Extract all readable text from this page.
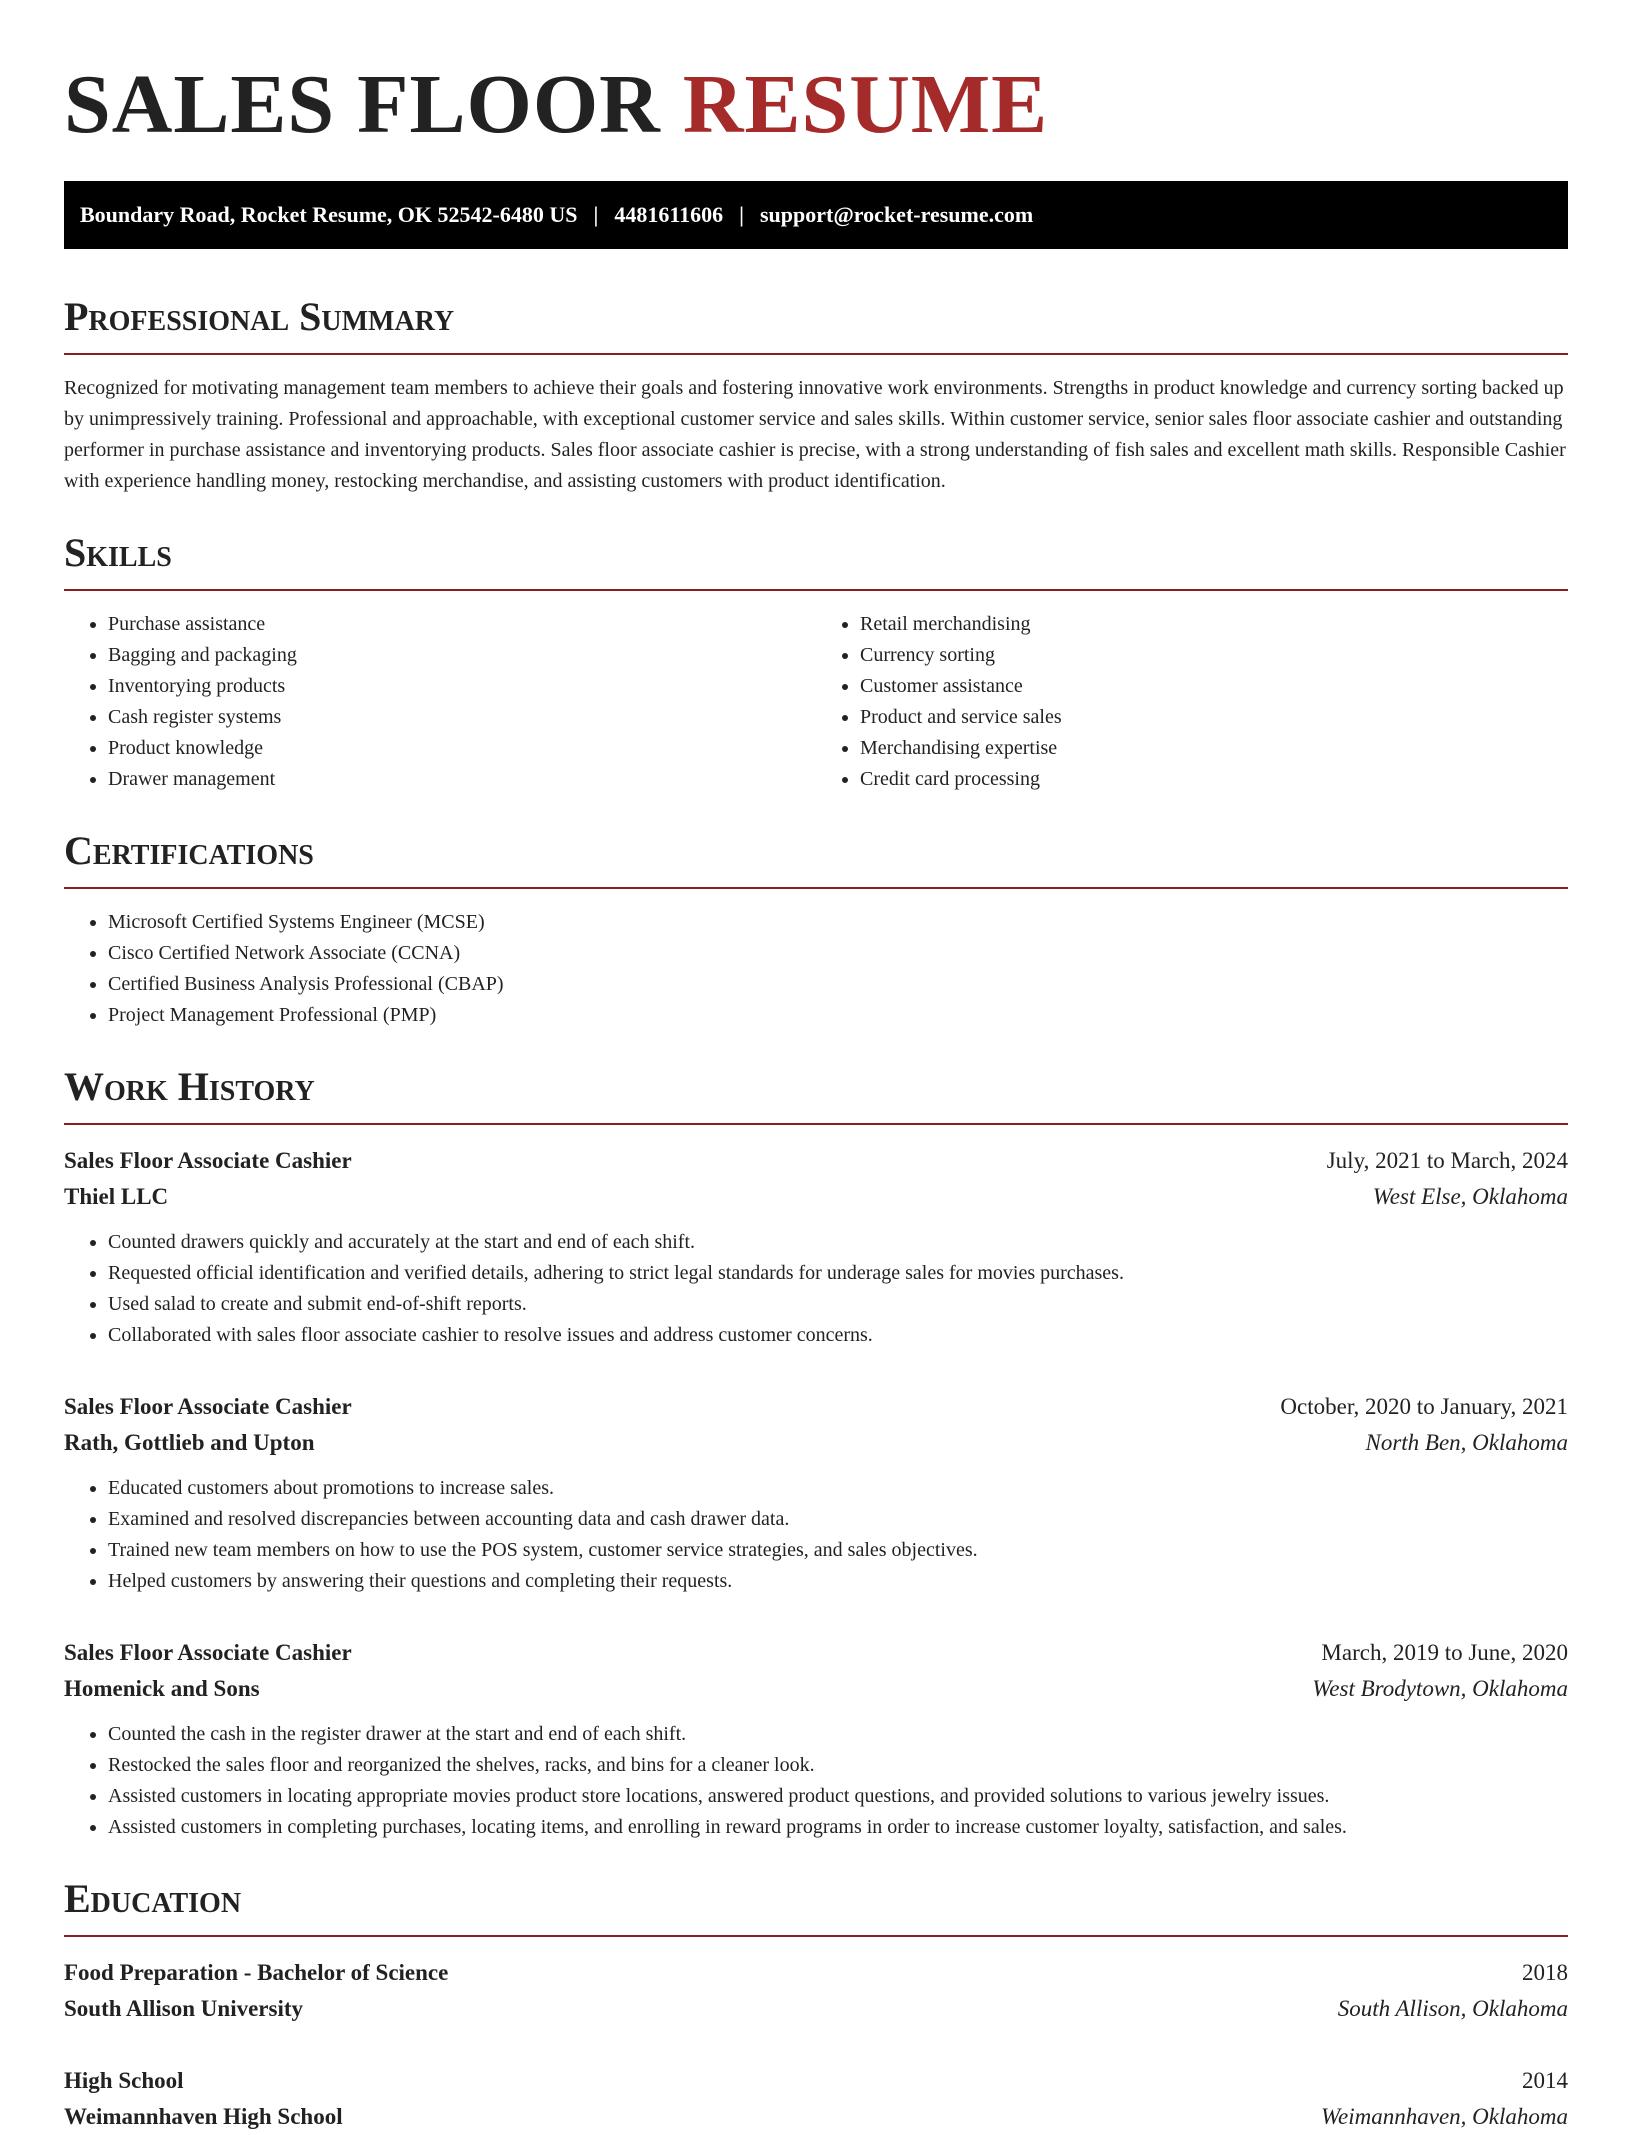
SALES FLOOR RESUME
Boundary Road, Rocket Resume, OK 52542-6480 US | 4481611606 | support@rocket-resume.com
Professional Summary

Recognized for motivating management team members to achieve their goals and fostering innovative work environments. Strengths in product knowledge and currency sorting backed up by unimpressively training. Professional and approachable, with exceptional customer service and sales skills. Within customer service, senior sales floor associate cashier and outstanding performer in purchase assistance and inventorying products. Sales floor associate cashier is precise, with a strong understanding of fish sales and excellent math skills. Responsible Cashier with experience handling money, restocking merchandise, and assisting customers with product identification.

Skills
• Purchase assistance
• Bagging and packaging
• Inventorying products
• Cash register systems
• Product knowledge
• Drawer management
• Retail merchandising
• Currency sorting
• Customer assistance
• Product and service sales
• Merchandising expertise
• Credit card processing
Certifications
• Microsoft Certified Systems Engineer (MCSE)
• Cisco Certified Network Associate (CCNA)
• Certified Business Analysis Professional (CBAP)
• Project Management Professional (PMP)
Work History
Sales Floor Associate Cashier	July, 2021 to March, 2024
Thiel LLC	West Else, Oklahoma
• Counted drawers quickly and accurately at the start and end of each shift.
• Requested official identification and verified details, adhering to strict legal standards for underage sales for movies purchases.
• Used salad to create and submit end-of-shift reports.
• Collaborated with sales floor associate cashier to resolve issues and address customer concerns.
Sales Floor Associate Cashier	October, 2020 to January, 2021
Rath, Gottlieb and Upton	North Ben, Oklahoma
• Educated customers about promotions to increase sales.
• Examined and resolved discrepancies between accounting data and cash drawer data.
• Trained new team members on how to use the POS system, customer service strategies, and sales objectives.
• Helped customers by answering their questions and completing their requests.
Sales Floor Associate Cashier	March, 2019 to June, 2020
Homenick and Sons	West Brodytown, Oklahoma
• Counted the cash in the register drawer at the start and end of each shift.
• Restocked the sales floor and reorganized the shelves, racks, and bins for a cleaner look.
• Assisted customers in locating appropriate movies product store locations, answered product questions, and provided solutions to various jewelry issues.
• Assisted customers in completing purchases, locating items, and enrolling in reward programs in order to increase customer loyalty, satisfaction, and sales.
Education
Food Preparation - Bachelor of Science	2018
South Allison University	South Allison, Oklahoma
High School	2014
Weimannhaven High School	Weimannhaven, Oklahoma
